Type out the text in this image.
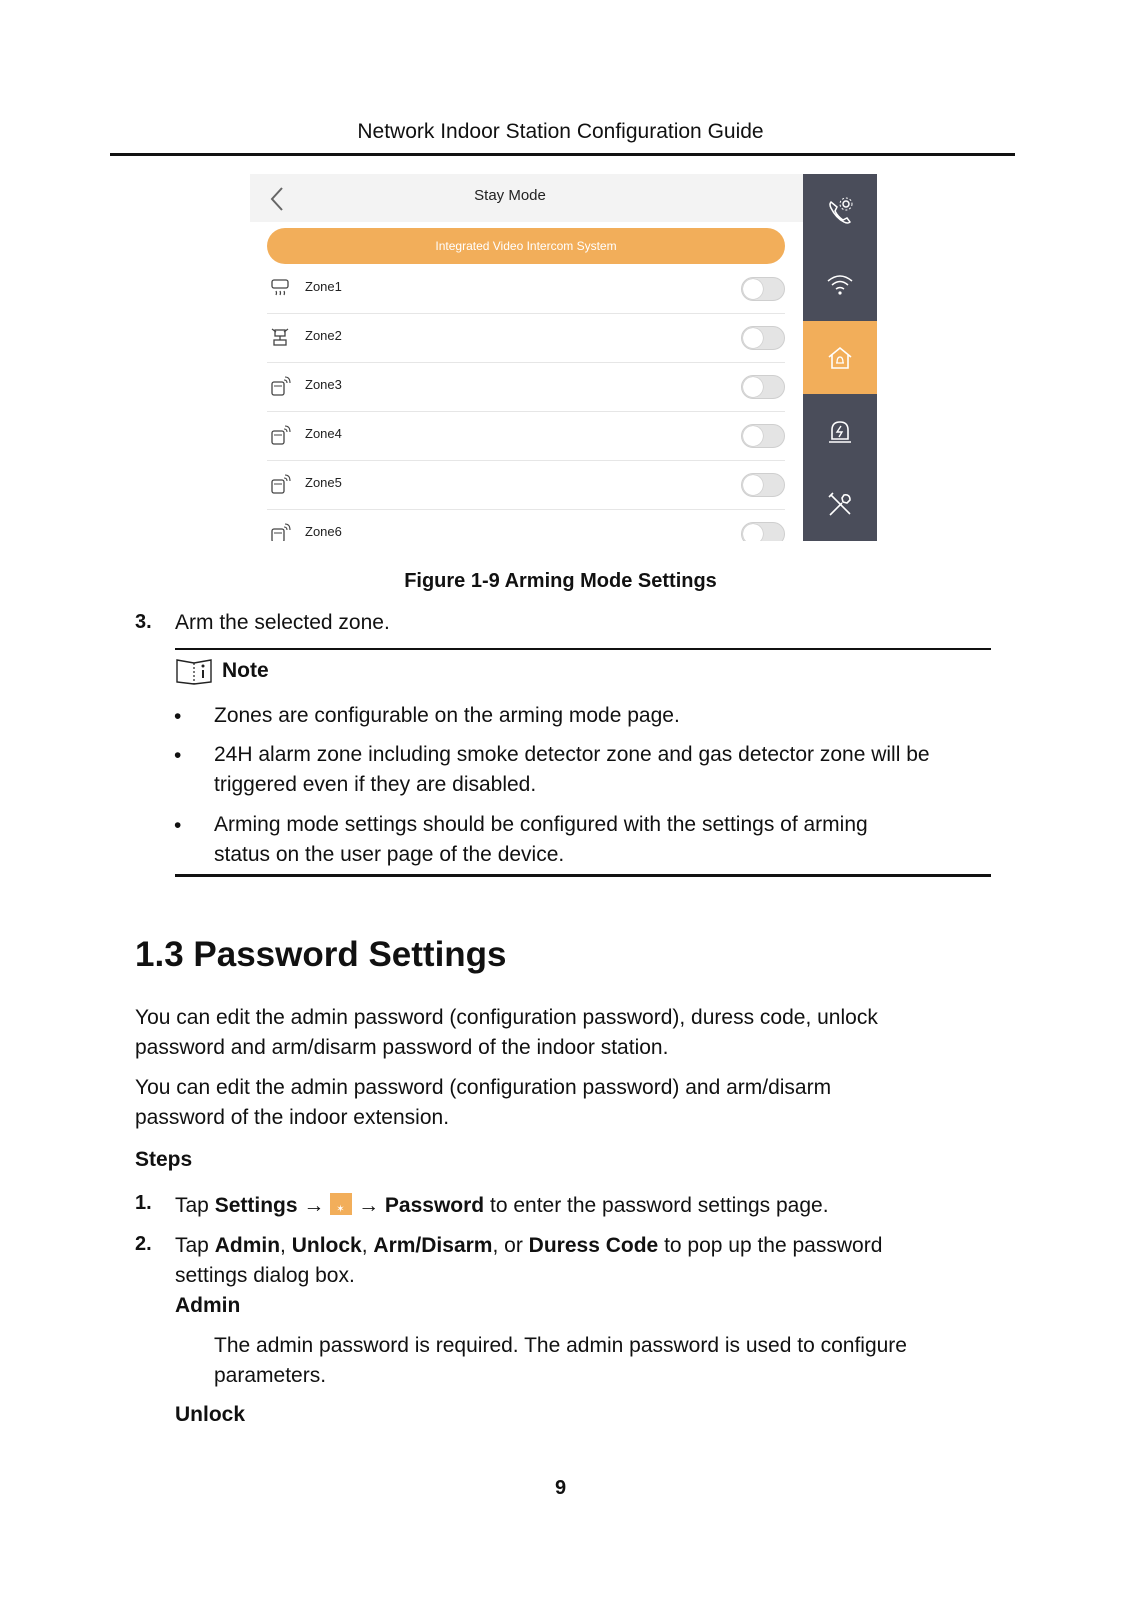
Network Indoor Station Configuration Guide
Stay Mode
Integrated Video Intercom System
Zone1
Zone2
Zone3
Zone4
Zone5
Zone6
Figure 1-9 Arming Mode Settings
3. Arm the selected zone.
Note
• Zones are configurable on the arming mode page.
• 24H alarm zone including smoke detector zone and gas detector zone will be
triggered even if they are disabled.
• Arming mode settings should be configured with the settings of arming
status on the user page of the device.
1.3 Password Settings
You can edit the admin password (configuration password), duress code, unlock
password and arm/disarm password of the indoor station.
You can edit the admin password (configuration password) and arm/disarm
password of the indoor extension.
Steps
1. Tap Settings → ✶ → Password to enter the password settings page.
2. Tap Admin, Unlock, Arm/Disarm, or Duress Code to pop up the password
settings dialog box.
Admin
The admin password is required. The admin password is used to configure
parameters.
Unlock
9
